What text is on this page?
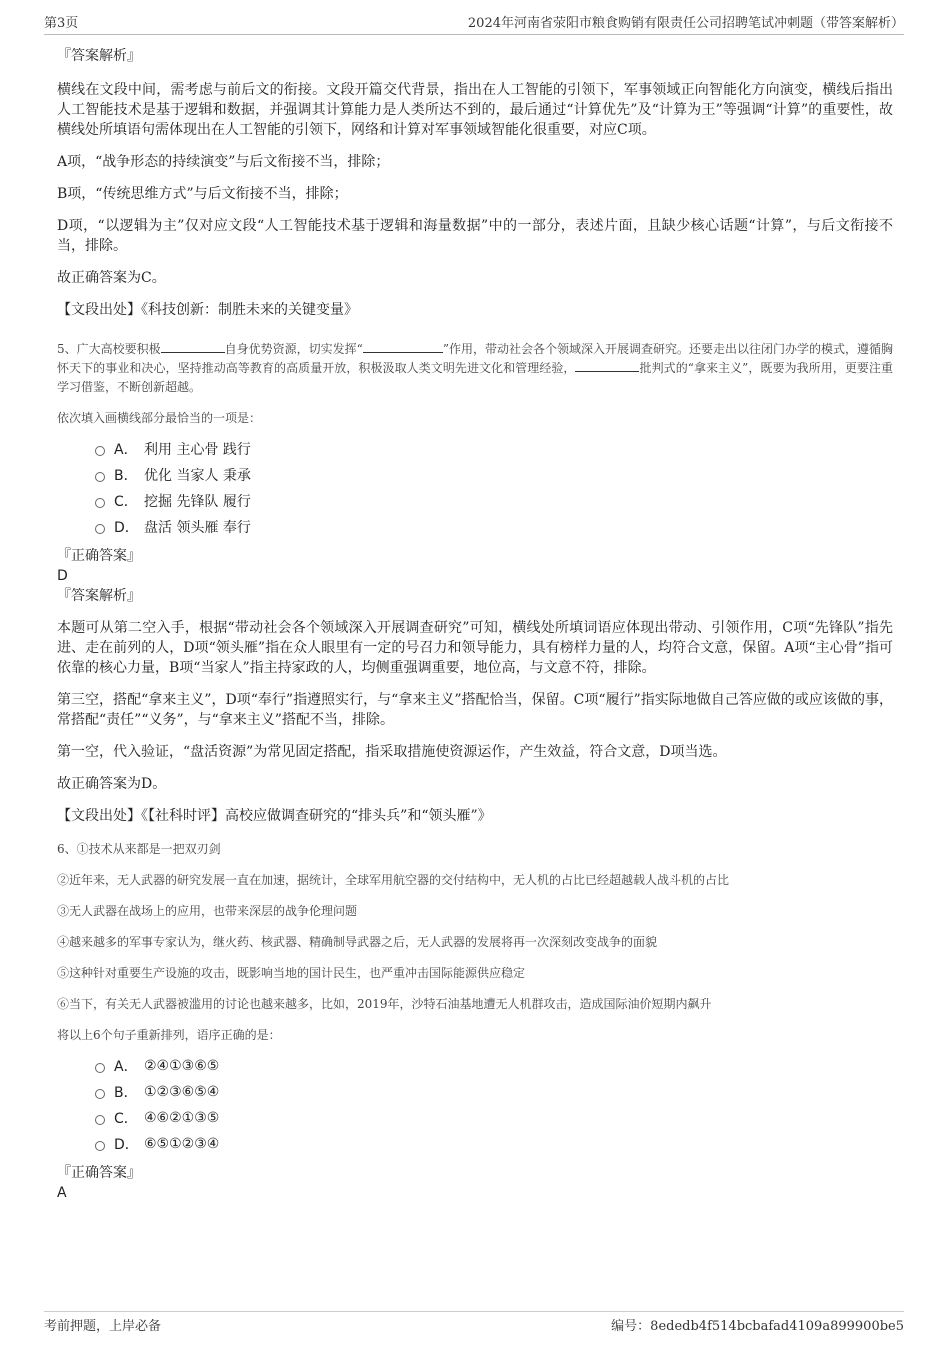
第3页	2024年河南省荥阳市粮食购销有限责任公司招聘笔试冲刺题（带答案解析）

『答案解析』

横线在文段中间，需考虑与前后文的衔接。文段开篇交代背景，指出在人工智能的引领下，军事领域正向智能化方向演变，横线后指出人工智能技术是基于逻辑和数据，并强调其计算能力是人类所达不到的，最后通过“计算优先”及“计算为王”等强调“计算”的重要性，故横线处所填语句需体现出在人工智能的引领下，网络和计算对军事领域智能化很重要，对应C项。

A项，“战争形态的持续演变”与后文衔接不当，排除；

B项，“传统思维方式”与后文衔接不当，排除；

D项，“以逻辑为主”仅对应文段“人工智能技术基于逻辑和海量数据”中的一部分，表述片面，且缺少核心话题“计算”，与后文衔接不当，排除。

故正确答案为C。

【文段出处】《科技创新：制胜未来的关键变量》

5、广大高校要积极	自身优势资源，切实发挥“	”作用，带动社会各个领域深入开展调查研究。还要走出以往闭门办学的模式，遵循胸怀天下的事业和决心，坚持推动高等教育的高质量开放，积极汲取人类文明先进文化和管理经验，	批判式的“拿来主义”，既要为我所用，更要注重学习借鉴，不断创新超越。

依次填入画横线部分最恰当的一项是：

A． 利用 主心骨 践行
B． 优化 当家人 秉承
C． 挖掘 先锋队 履行
D． 盘活 领头雁 奉行

『正确答案』

D

『答案解析』

本题可从第二空入手，根据“带动社会各个领域深入开展调查研究”可知，横线处所填词语应体现出带动、引领作用，C项“先锋队”指先进、走在前列的人，D项“领头雁”指在众人眼里有一定的号召力和领导能力，具有榜样力量的人，均符合文意，保留。A项“主心骨”指可依靠的核心力量，B项“当家人”指主持家政的人，均侧重强调重要，地位高，与文意不符，排除。

第三空，搭配“拿来主义”，D项“奉行”指遵照实行，与“拿来主义”搭配恰当，保留。C项“履行”指实际地做自己答应做的或应该做的事，常搭配“责任”“义务”，与“拿来主义”搭配不当，排除。

第一空，代入验证，“盘活资源”为常见固定搭配，指采取措施使资源运作，产生效益，符合文意，D项当选。

故正确答案为D。

【文段出处】《【社科时评】高校应做调查研究的“排头兵”和“领头雁”》

6、①技术从来都是一把双刃剑

②近年来，无人武器的研究发展一直在加速，据统计，全球军用航空器的交付结构中，无人机的占比已经超越载人战斗机的占比

③无人武器在战场上的应用，也带来深层的战争伦理问题

④越来越多的军事专家认为，继火药、核武器、精确制导武器之后，无人武器的发展将再一次深刻改变战争的面貌

⑤这种针对重要生产设施的攻击，既影响当地的国计民生，也严重冲击国际能源供应稳定

⑥当下，有关无人武器被滥用的讨论也越来越多，比如，2019年，沙特石油基地遭无人机群攻击，造成国际油价短期内飙升

将以上6个句子重新排列，语序正确的是：

A． ②④①③⑥⑤
B． ①②③⑥⑤④
C． ④⑥②①③⑤
D． ⑥⑤①②③④

『正确答案』

A

考前押题，上岸必备	编号：8ededb4f514bcbafad4109a899900be5
